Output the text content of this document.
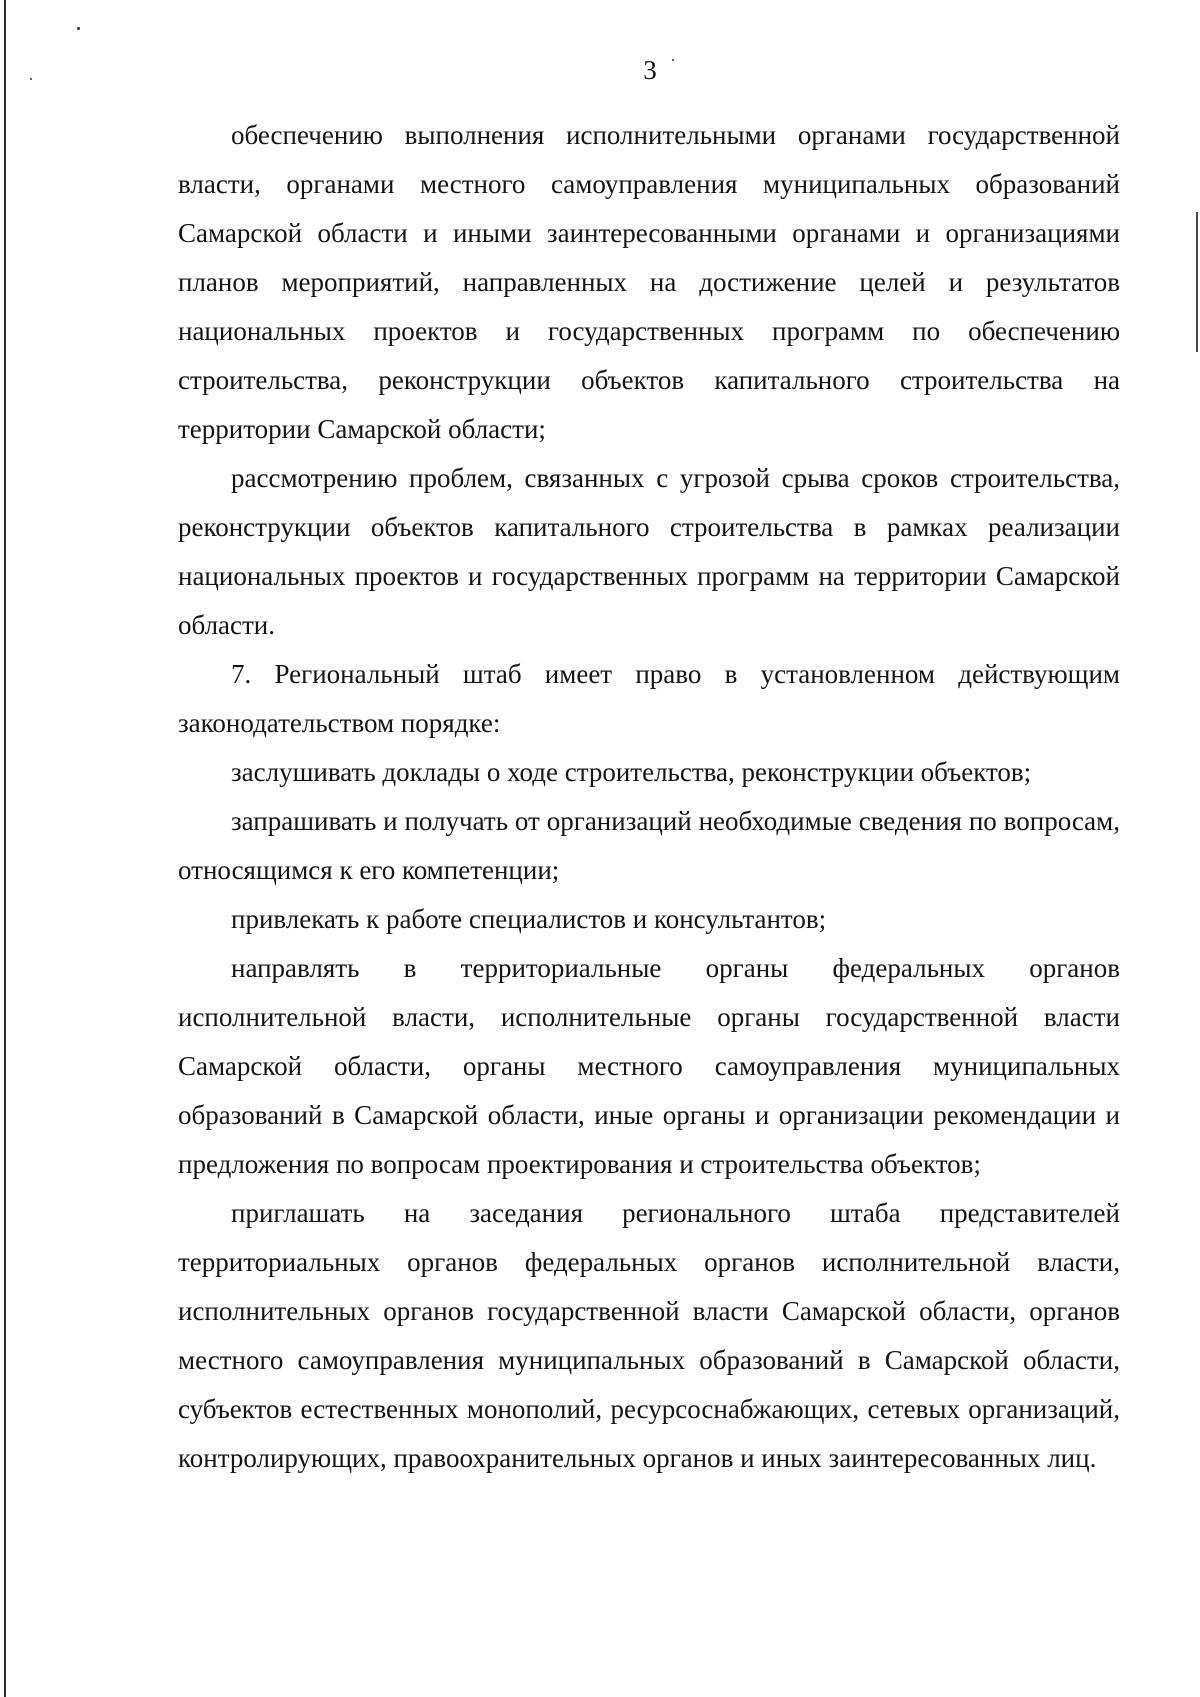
3

обеспечению выполнения исполнительными органами государственной власти, органами местного самоуправления муниципальных образований Самарской области и иными заинтересованными органами и организациями планов мероприятий, направленных на достижение целей и результатов национальных проектов и государственных программ по обеспечению строительства, реконструкции объектов капитального строительства на территории Самарской области;

рассмотрению проблем, связанных с угрозой срыва сроков строительства, реконструкции объектов капитального строительства в рамках реализации национальных проектов и государственных программ на территории Самарской области.

7. Региональный штаб имеет право в установленном действующим законодательством порядке:

заслушивать доклады о ходе строительства, реконструкции объектов;

запрашивать и получать от организаций необходимые сведения по вопросам, относящимся к его компетенции;

привлекать к работе специалистов и консультантов;

направлять в территориальные органы федеральных органов исполнительной власти, исполнительные органы государственной власти Самарской области, органы местного самоуправления муниципальных образований в Самарской области, иные органы и организации рекомендации и предложения по вопросам проектирования и строительства объектов;

приглашать на заседания регионального штаба представителей территориальных органов федеральных органов исполнительной власти, исполнительных органов государственной власти Самарской области, органов местного самоуправления муниципальных образований в Самарской области, субъектов естественных монополий, ресурсоснабжающих, сетевых организаций, контролирующих, правоохранительных органов и иных заинтересованных лиц.
